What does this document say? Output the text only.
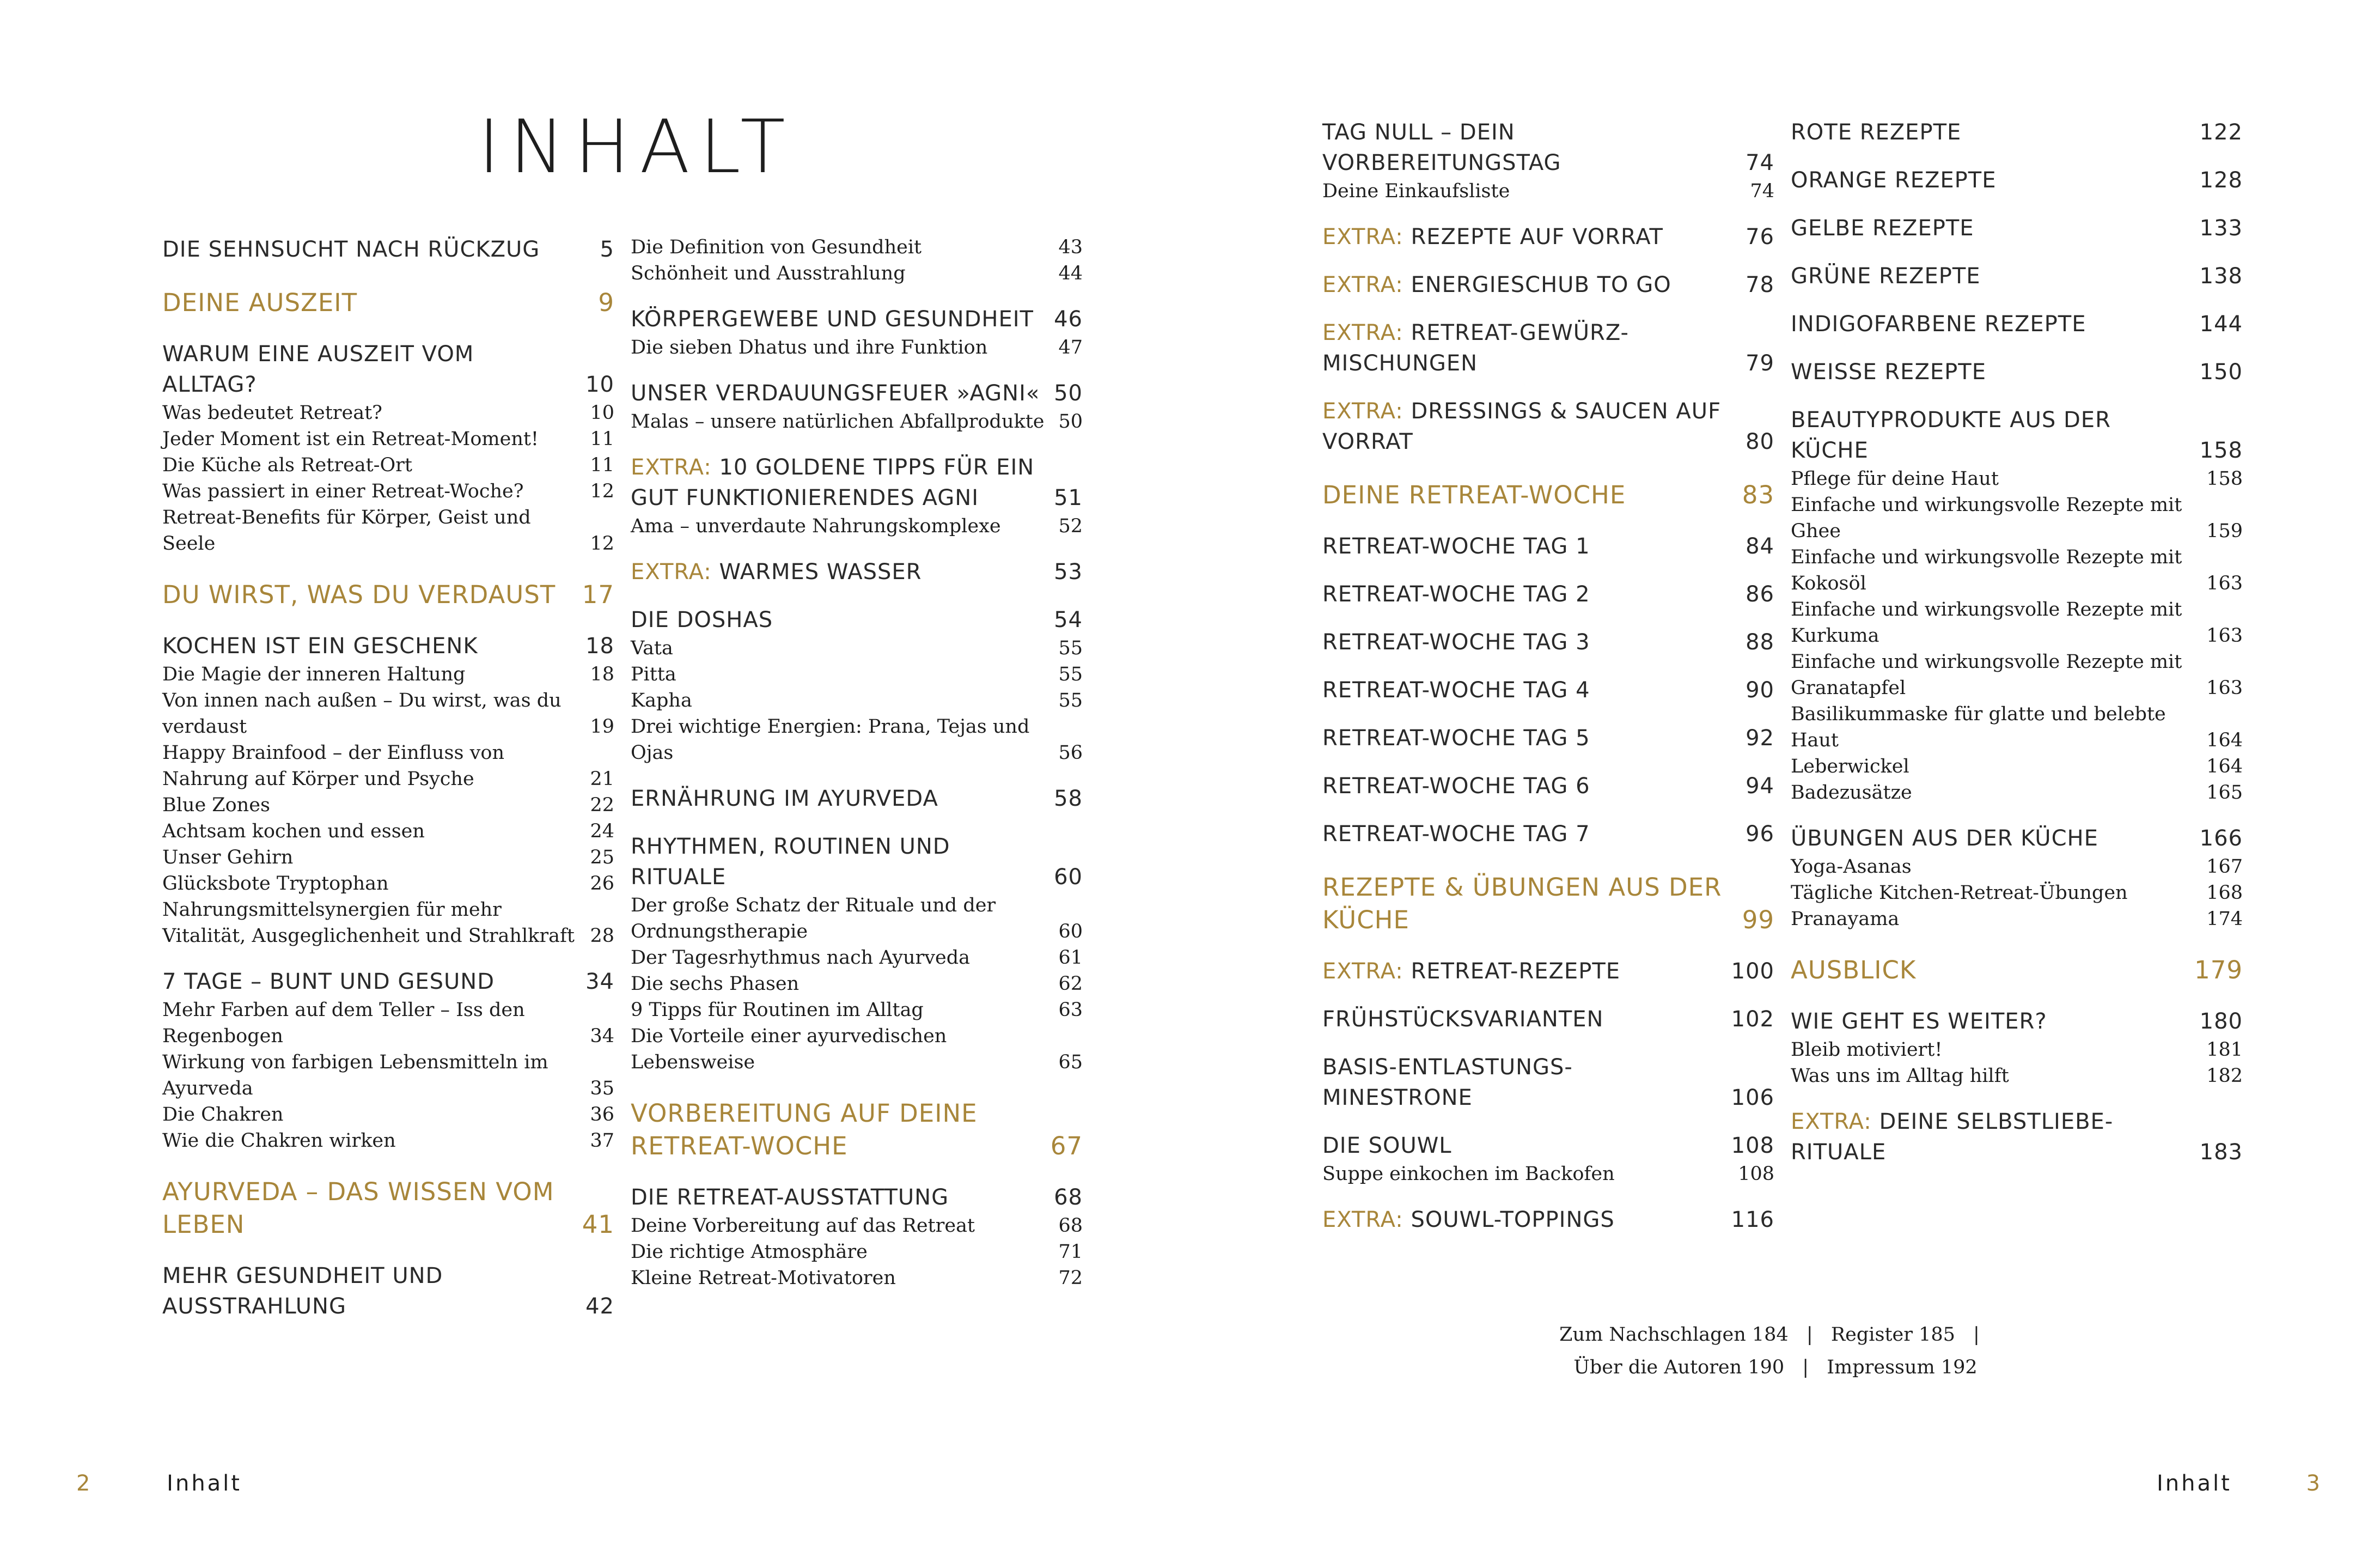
INHALT
DIE SEHNSUCHT NACH RÜCKZUG	5
DEINE AUSZEIT	9
WARUM EINE AUSZEIT VOM ALLTAG?	10
Was bedeutet Retreat?	10
Jeder Moment ist ein Retreat-Moment!	11
Die Küche als Retreat-Ort	11
Was passiert in einer Retreat-Woche?	12
Retreat-Benefits für Körper, Geist und Seele	12
DU WIRST, WAS DU VERDAUST	17
KOCHEN IST EIN GESCHENK	18
Die Magie der inneren Haltung	18
Von innen nach außen – Du wirst, was du verdaust	19
Happy Brainfood – der Einfluss von Nahrung auf Körper und Psyche	21
Blue Zones	22
Achtsam kochen und essen	24
Unser Gehirn	25
Glücksbote Tryptophan	26
Nahrungsmittelsynergien für mehr Vitalität, Ausgeglichenheit und Strahlkraft 28
7 TAGE – BUNT UND GESUND	34
Mehr Farben auf dem Teller – Iss den Regenbogen	34
Wirkung von farbigen Lebensmitteln im Ayurveda	35
Die Chakren	36
Wie die Chakren wirken	37
AYURVEDA – DAS WISSEN VOM LEBEN	41
MEHR GESUNDHEIT UND AUSSTRAHLUNG	42
Die Definition von Gesundheit	43
Schönheit und Ausstrahlung	44
KÖRPERGEWEBE UND GESUNDHEIT 46
Die sieben Dhatus und ihre Funktion	47
UNSER VERDAUUNGSFEUER »AGNI« 50
Malas – unsere natürlichen Abfallprodukte 50
EXTRA: 10 GOLDENE TIPPS FÜR EIN GUT FUNKTIONIERENDES AGNI	51
Ama – unverdaute Nahrungskomplexe	52
EXTRA: WARMES WASSER	53
DIE DOSHAS	54
Vata	55
Pitta	55
Kapha	55
Drei wichtige Energien: Prana, Tejas und Ojas	56
ERNÄHRUNG IM AYURVEDA	58
RHYTHMEN, ROUTINEN UND RITUALE	60
Der große Schatz der Rituale und der Ordnungstherapie	60
Der Tagesrhythmus nach Ayurveda	61
Die sechs Phasen	62
9 Tipps für Routinen im Alltag	63
Die Vorteile einer ayurvedischen Lebensweise	65
VORBEREITUNG AUF DEINE RETREAT-WOCHE	67
DIE RETREAT-AUSSTATTUNG	68
Deine Vorbereitung auf das Retreat	68
Die richtige Atmosphäre	71
Kleine Retreat-Motivatoren	72
TAG NULL – DEIN VORBEREITUNGSTAG	74
Deine Einkaufsliste	74
EXTRA: REZEPTE AUF VORRAT	76
EXTRA: ENERGIESCHUB TO GO	78
EXTRA: RETREAT-GEWÜRZ-MISCHUNGEN	79
EXTRA: DRESSINGS & SAUCEN AUF VORRAT	80
DEINE RETREAT-WOCHE	83
RETREAT-WOCHE TAG 1	84
RETREAT-WOCHE TAG 2	86
RETREAT-WOCHE TAG 3	88
RETREAT-WOCHE TAG 4	90
RETREAT-WOCHE TAG 5	92
RETREAT-WOCHE TAG 6	94
RETREAT-WOCHE TAG 7	96
REZEPTE & ÜBUNGEN AUS DER KÜCHE	99
EXTRA: RETREAT-REZEPTE	100
FRÜHSTÜCKSVARIANTEN	102
BASIS-ENTLASTUNGS-MINESTRONE	106
DIE SOUWL	108
Suppe einkochen im Backofen	108
EXTRA: SOUWL-TOPPINGS	116
ROTE REZEPTE	122
ORANGE REZEPTE	128
GELBE REZEPTE	133
GRÜNE REZEPTE	138
INDIGOFARBENE REZEPTE	144
WEISSE REZEPTE	150
BEAUTYPRODUKTE AUS DER KÜCHE	158
Pflege für deine Haut	158
Einfache und wirkungsvolle Rezepte mit Ghee	159
Einfache und wirkungsvolle Rezepte mit Kokosöl	163
Einfache und wirkungsvolle Rezepte mit Kurkuma	163
Einfache und wirkungsvolle Rezepte mit Granatapfel	163
Basilikummaske für glatte und belebte Haut	164
Leberwickel	164
Badezusätze	165
ÜBUNGEN AUS DER KÜCHE	166
Yoga-Asanas	167
Tägliche Kitchen-Retreat-Übungen	168
Pranayama	174
AUSBLICK	179
WIE GEHT ES WEITER?	180
Bleib motiviert!	181
Was uns im Alltag hilft	182
EXTRA: DEINE SELBSTLIEBE-RITUALE	183
Zum Nachschlagen 184 | Register 185 |
Über die Autoren 190 | Impressum 192
2	Inhalt	Inhalt	3
